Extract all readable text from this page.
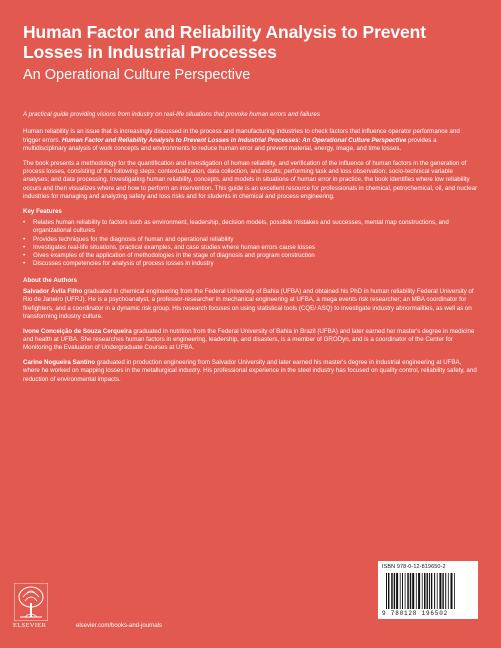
Human Factor and Reliability Analysis to Prevent
Losses in Industrial Processes
An Operational Culture Perspective

A practical guide providing visions from industry on real-life situations that provoke human errors and failures

Human reliability is an issue that is increasingly discussed in the process and manufacturing industries to check factors that influence operator performance and trigger errors. Human Factor and Reliability Analysis to Prevent Losses in Industrial Processes: An Operational Culture Perspective provides a multidisciplinary analysis of work concepts and environments to reduce human error and prevent material, energy, image, and time losses.

The book presents a methodology for the quantification and investigation of human reliability, and verification of the influence of human factors in the generation of process losses, consisting of the following steps: contextualization, data collection, and results; performing task and loss observation; socio-technical variable analyses; and data processing. Investigating human reliability, concepts, and models in situations of human error in practice, the book identifies where low reliability occurs and then visualizes where and how to perform an intervention. This guide is an excellent resource for professionals in chemical, petrochemical, oil, and nuclear industries for managing and analyzing safety and loss risks and for students in chemical and process engineering.

Key Features

• Relates human reliability to factors such as environment, leadership, decision models, possible mistakes and successes, mental map constructions, and organizational cultures
• Provides techniques for the diagnosis of human and operational reliability
• Investigates real-life situations, practical examples, and case studies where human errors cause losses
• Gives examples of the application of methodologies in the stage of diagnosis and program construction
• Discusses competencies for analysis of process losses in industry

About the Authors

Salvador Ávila Filho graduated in chemical engineering from the Federal University of Bahia (UFBA) and obtained his PhD in human reliability Federal University of Rio de Janeiro (UFRJ). He is a psychoanalyst, a professor-researcher in mechanical engineering at UFBA, a mega events risk researcher; an MBA coordinator for firefighters, and a coordinator in a dynamic risk group. His research focuses on using statistical tools (CQE/ ASQ) to investigate industry abnormalities, as well as on transforming industry culture.

Ivone Conceição de Souza Cerqueira graduated in nutrition from the Federal University of Bahia in Brazil (UFBA) and later earned her master's degree in medicine and health at UFBA. She researches human factors in engineering, leadership, and disasters, is a member of GRODyn, and is a coordinator of the Center for Monitoring the Evaluation of Undergraduate Courses at UFBA.

Carine Nogueira Santino graduated in production engineering from Salvador University and later earned his master's degree in industrial engineering at UFBA, where he worked on mapping losses in the metallurgical industry. His professional experience in the steel industry has focused on quality control, reliability safety, and reduction of environmental impacts.

ISBN 978-0-12-819650-2
9 780128 196502
ELSEVIER	elsevier.com/books-and-journals
